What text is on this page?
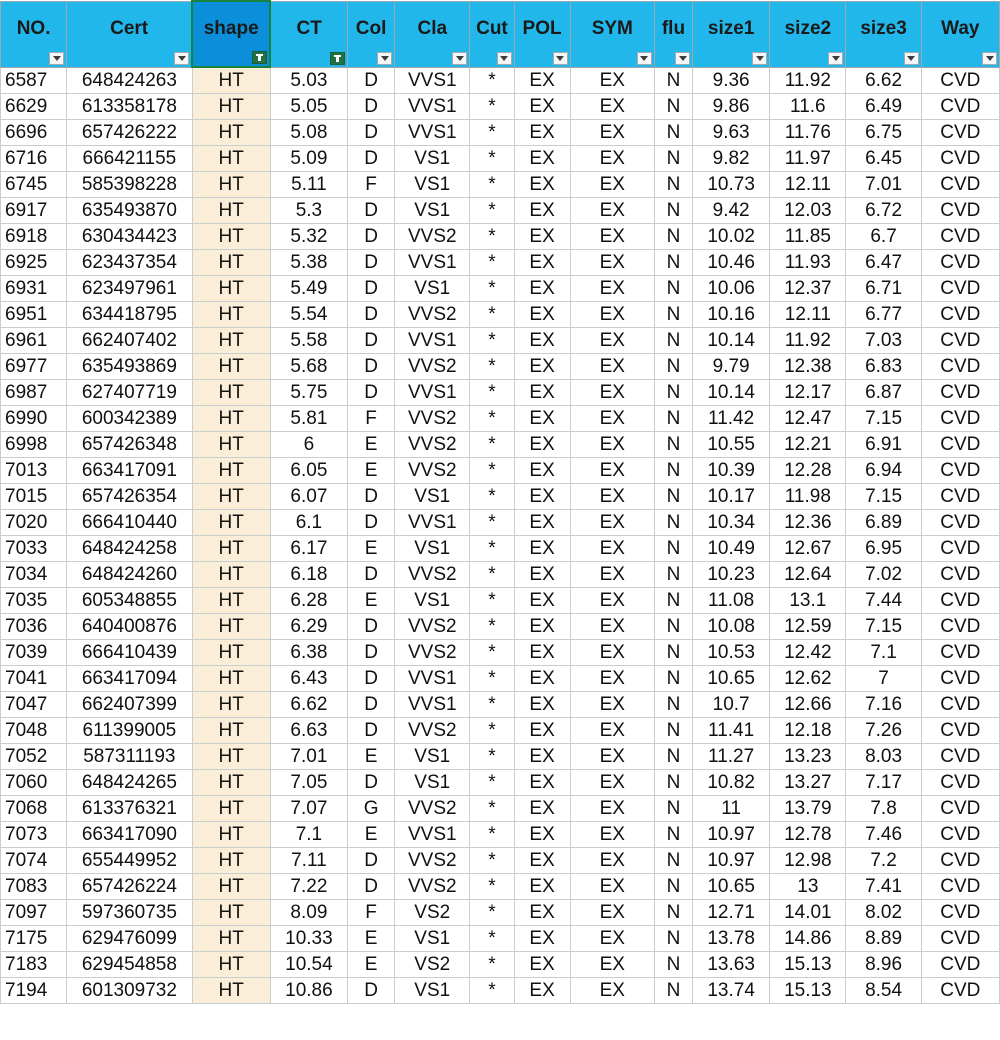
NO.	Cert	shape	CT	Col	Cla	Cut	POL	SYM	flu	size1	size2	size3	Way

6587	648424263	HT	5.03	D	VVS1	*	EX	EX	N	9.36	11.92	6.62	CVD
6629	613358178	HT	5.05	D	VVS1	*	EX	EX	N	9.86	11.6	6.49	CVD
6696	657426222	HT	5.08	D	VVS1	*	EX	EX	N	9.63	11.76	6.75	CVD
6716	666421155	HT	5.09	D	VS1	*	EX	EX	N	9.82	11.97	6.45	CVD
6745	585398228	HT	5.11	F	VS1	*	EX	EX	N	10.73	12.11	7.01	CVD
6917	635493870	HT	5.3	D	VS1	*	EX	EX	N	9.42	12.03	6.72	CVD
6918	630434423	HT	5.32	D	VVS2	*	EX	EX	N	10.02	11.85	6.7	CVD
6925	623437354	HT	5.38	D	VVS1	*	EX	EX	N	10.46	11.93	6.47	CVD
6931	623497961	HT	5.49	D	VS1	*	EX	EX	N	10.06	12.37	6.71	CVD
6951	634418795	HT	5.54	D	VVS2	*	EX	EX	N	10.16	12.11	6.77	CVD
6961	662407402	HT	5.58	D	VVS1	*	EX	EX	N	10.14	11.92	7.03	CVD
6977	635493869	HT	5.68	D	VVS2	*	EX	EX	N	9.79	12.38	6.83	CVD
6987	627407719	HT	5.75	D	VVS1	*	EX	EX	N	10.14	12.17	6.87	CVD
6990	600342389	HT	5.81	F	VVS2	*	EX	EX	N	11.42	12.47	7.15	CVD
6998	657426348	HT	6	E	VVS2	*	EX	EX	N	10.55	12.21	6.91	CVD
7013	663417091	HT	6.05	E	VVS2	*	EX	EX	N	10.39	12.28	6.94	CVD
7015	657426354	HT	6.07	D	VS1	*	EX	EX	N	10.17	11.98	7.15	CVD
7020	666410440	HT	6.1	D	VVS1	*	EX	EX	N	10.34	12.36	6.89	CVD
7033	648424258	HT	6.17	E	VS1	*	EX	EX	N	10.49	12.67	6.95	CVD
7034	648424260	HT	6.18	D	VVS2	*	EX	EX	N	10.23	12.64	7.02	CVD
7035	605348855	HT	6.28	E	VS1	*	EX	EX	N	11.08	13.1	7.44	CVD
7036	640400876	HT	6.29	D	VVS2	*	EX	EX	N	10.08	12.59	7.15	CVD
7039	666410439	HT	6.38	D	VVS2	*	EX	EX	N	10.53	12.42	7.1	CVD
7041	663417094	HT	6.43	D	VVS1	*	EX	EX	N	10.65	12.62	7	CVD
7047	662407399	HT	6.62	D	VVS1	*	EX	EX	N	10.7	12.66	7.16	CVD
7048	611399005	HT	6.63	D	VVS2	*	EX	EX	N	11.41	12.18	7.26	CVD
7052	587311193	HT	7.01	E	VS1	*	EX	EX	N	11.27	13.23	8.03	CVD
7060	648424265	HT	7.05	D	VS1	*	EX	EX	N	10.82	13.27	7.17	CVD
7068	613376321	HT	7.07	G	VVS2	*	EX	EX	N	11	13.79	7.8	CVD
7073	663417090	HT	7.1	E	VVS1	*	EX	EX	N	10.97	12.78	7.46	CVD
7074	655449952	HT	7.11	D	VVS2	*	EX	EX	N	10.97	12.98	7.2	CVD
7083	657426224	HT	7.22	D	VVS2	*	EX	EX	N	10.65	13	7.41	CVD
7097	597360735	HT	8.09	F	VS2	*	EX	EX	N	12.71	14.01	8.02	CVD
7175	629476099	HT	10.33	E	VS1	*	EX	EX	N	13.78	14.86	8.89	CVD
7183	629454858	HT	10.54	E	VS2	*	EX	EX	N	13.63	15.13	8.96	CVD
7194	601309732	HT	10.86	D	VS1	*	EX	EX	N	13.74	15.13	8.54	CVD
